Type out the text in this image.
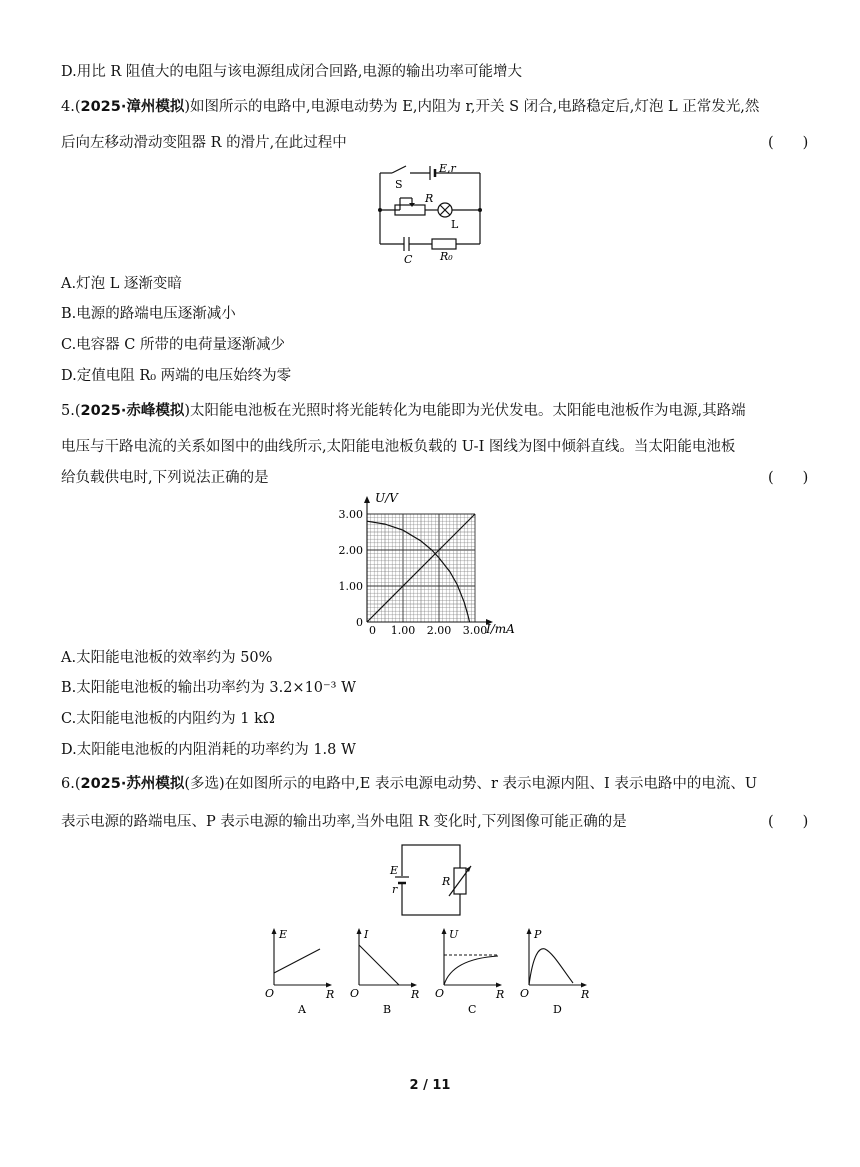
D.用比 R 阻值大的电阻与该电源组成闭合回路,电源的输出功率可能增大
4.(2025·漳州模拟)如图所示的电路中,电源电动势为 E,内阻为 r,开关 S 闭合,电路稳定后,灯泡 L 正常发光,然
后向左移动滑动变阻器 R 的滑片,在此过程中	(　　)
S
E,r
R
L
C	R₀
A.灯泡 L 逐渐变暗
B.电源的路端电压逐渐减小
C.电容器 C 所带的电荷量逐渐减少
D.定值电阻 R₀ 两端的电压始终为零
5.(2025·赤峰模拟)太阳能电池板在光照时将光能转化为电能即为光伏发电。太阳能电池板作为电源,其路端
电压与干路电流的关系如图中的曲线所示,太阳能电池板负载的 U-I 图线为图中倾斜直线。当太阳能电池板
给负载供电时,下列说法正确的是	(　　)
1.00 2.00 3.00
0
0
1.00
2.00
3.00
U/V
I/mA
A.太阳能电池板的效率约为 50%
B.太阳能电池板的输出功率约为 3.2×10⁻³ W
C.太阳能电池板的内阻约为 1 kΩ
D.太阳能电池板的内阻消耗的功率约为 1.8 W
6.(2025·苏州模拟(多选)在如图所示的电路中,E 表示电源电动势、r 表示电源内阻、I 表示电路中的电流、U
表示电源的路端电压、P 表示电源的输出功率,当外电阻 R 变化时,下列图像可能正确的是	(　　)
E
r
R
E
O	R
A
I
O	R
B
U
O	R
C
P
O	R
D
2 / 11
